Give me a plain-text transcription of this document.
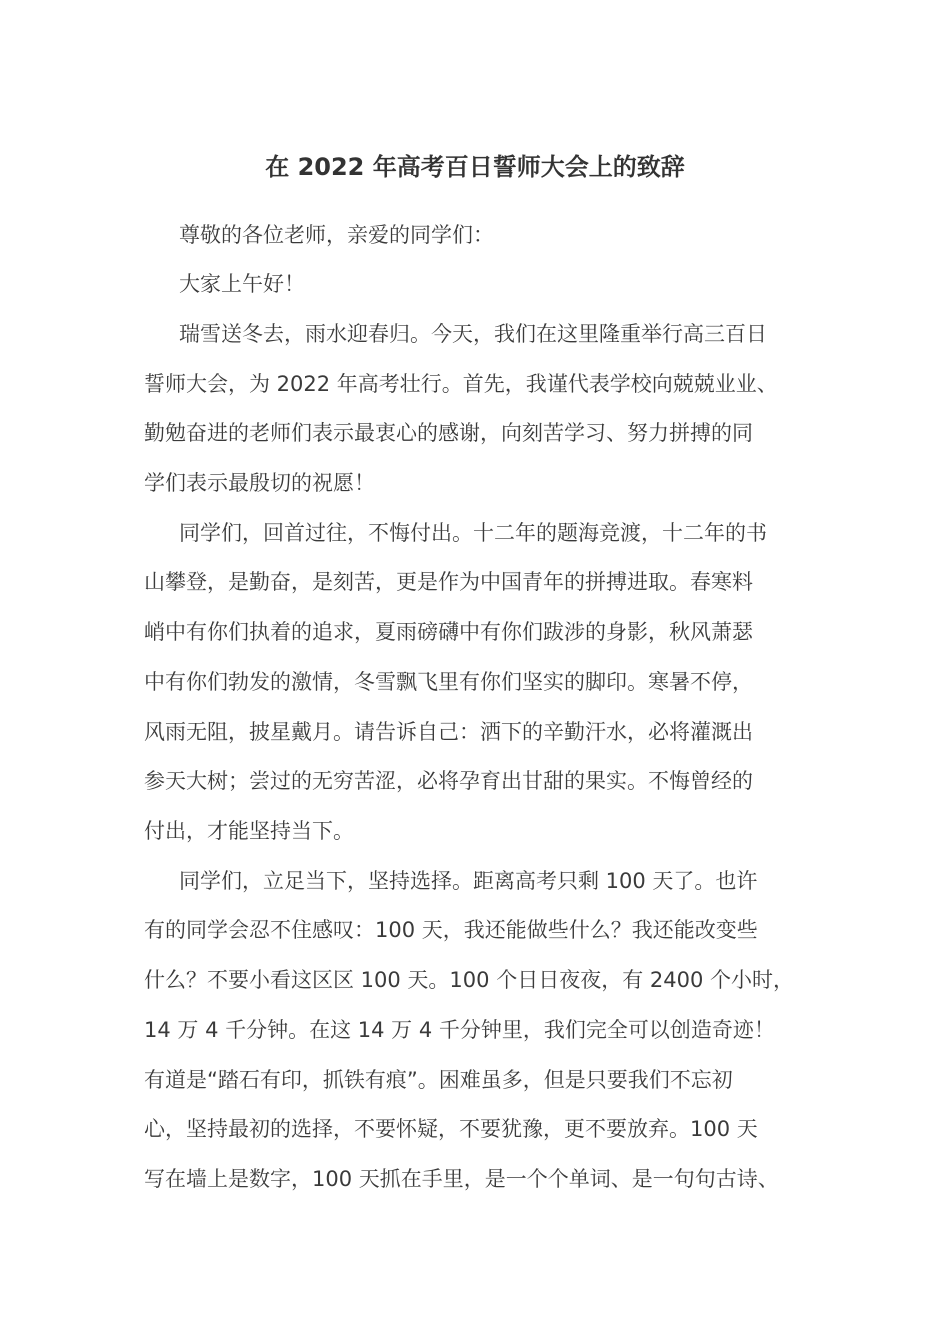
在 2022 年高考百日誓师大会上的致辞
尊敬的各位老师，亲爱的同学们：
大家上午好！
瑞雪送冬去，雨水迎春归。今天，我们在这里隆重举行高三百日
誓师大会，为 2022 年高考壮行。首先，我谨代表学校向兢兢业业、
勤勉奋进的老师们表示最衷心的感谢，向刻苦学习、努力拼搏的同
学们表示最殷切的祝愿！
同学们，回首过往，不悔付出。十二年的题海竞渡，十二年的书
山攀登，是勤奋，是刻苦，更是作为中国青年的拼搏进取。春寒料
峭中有你们执着的追求，夏雨磅礴中有你们跋涉的身影，秋风萧瑟
中有你们勃发的激情，冬雪飘飞里有你们坚实的脚印。寒暑不停，
风雨无阻，披星戴月。请告诉自己：洒下的辛勤汗水，必将灌溉出
参天大树；尝过的无穷苦涩，必将孕育出甘甜的果实。不悔曾经的
付出，才能坚持当下。
同学们，立足当下，坚持选择。距离高考只剩 100 天了。也许
有的同学会忍不住感叹：100 天，我还能做些什么？我还能改变些
什么？不要小看这区区 100 天。100 个日日夜夜，有 2400 个小时，
14 万 4 千分钟。在这 14 万 4 千分钟里，我们完全可以创造奇迹！
有道是“踏石有印，抓铁有痕”。困难虽多，但是只要我们不忘初
心，坚持最初的选择，不要怀疑，不要犹豫，更不要放弃。100 天
写在墙上是数字，100 天抓在手里，是一个个单词、是一句句古诗、
